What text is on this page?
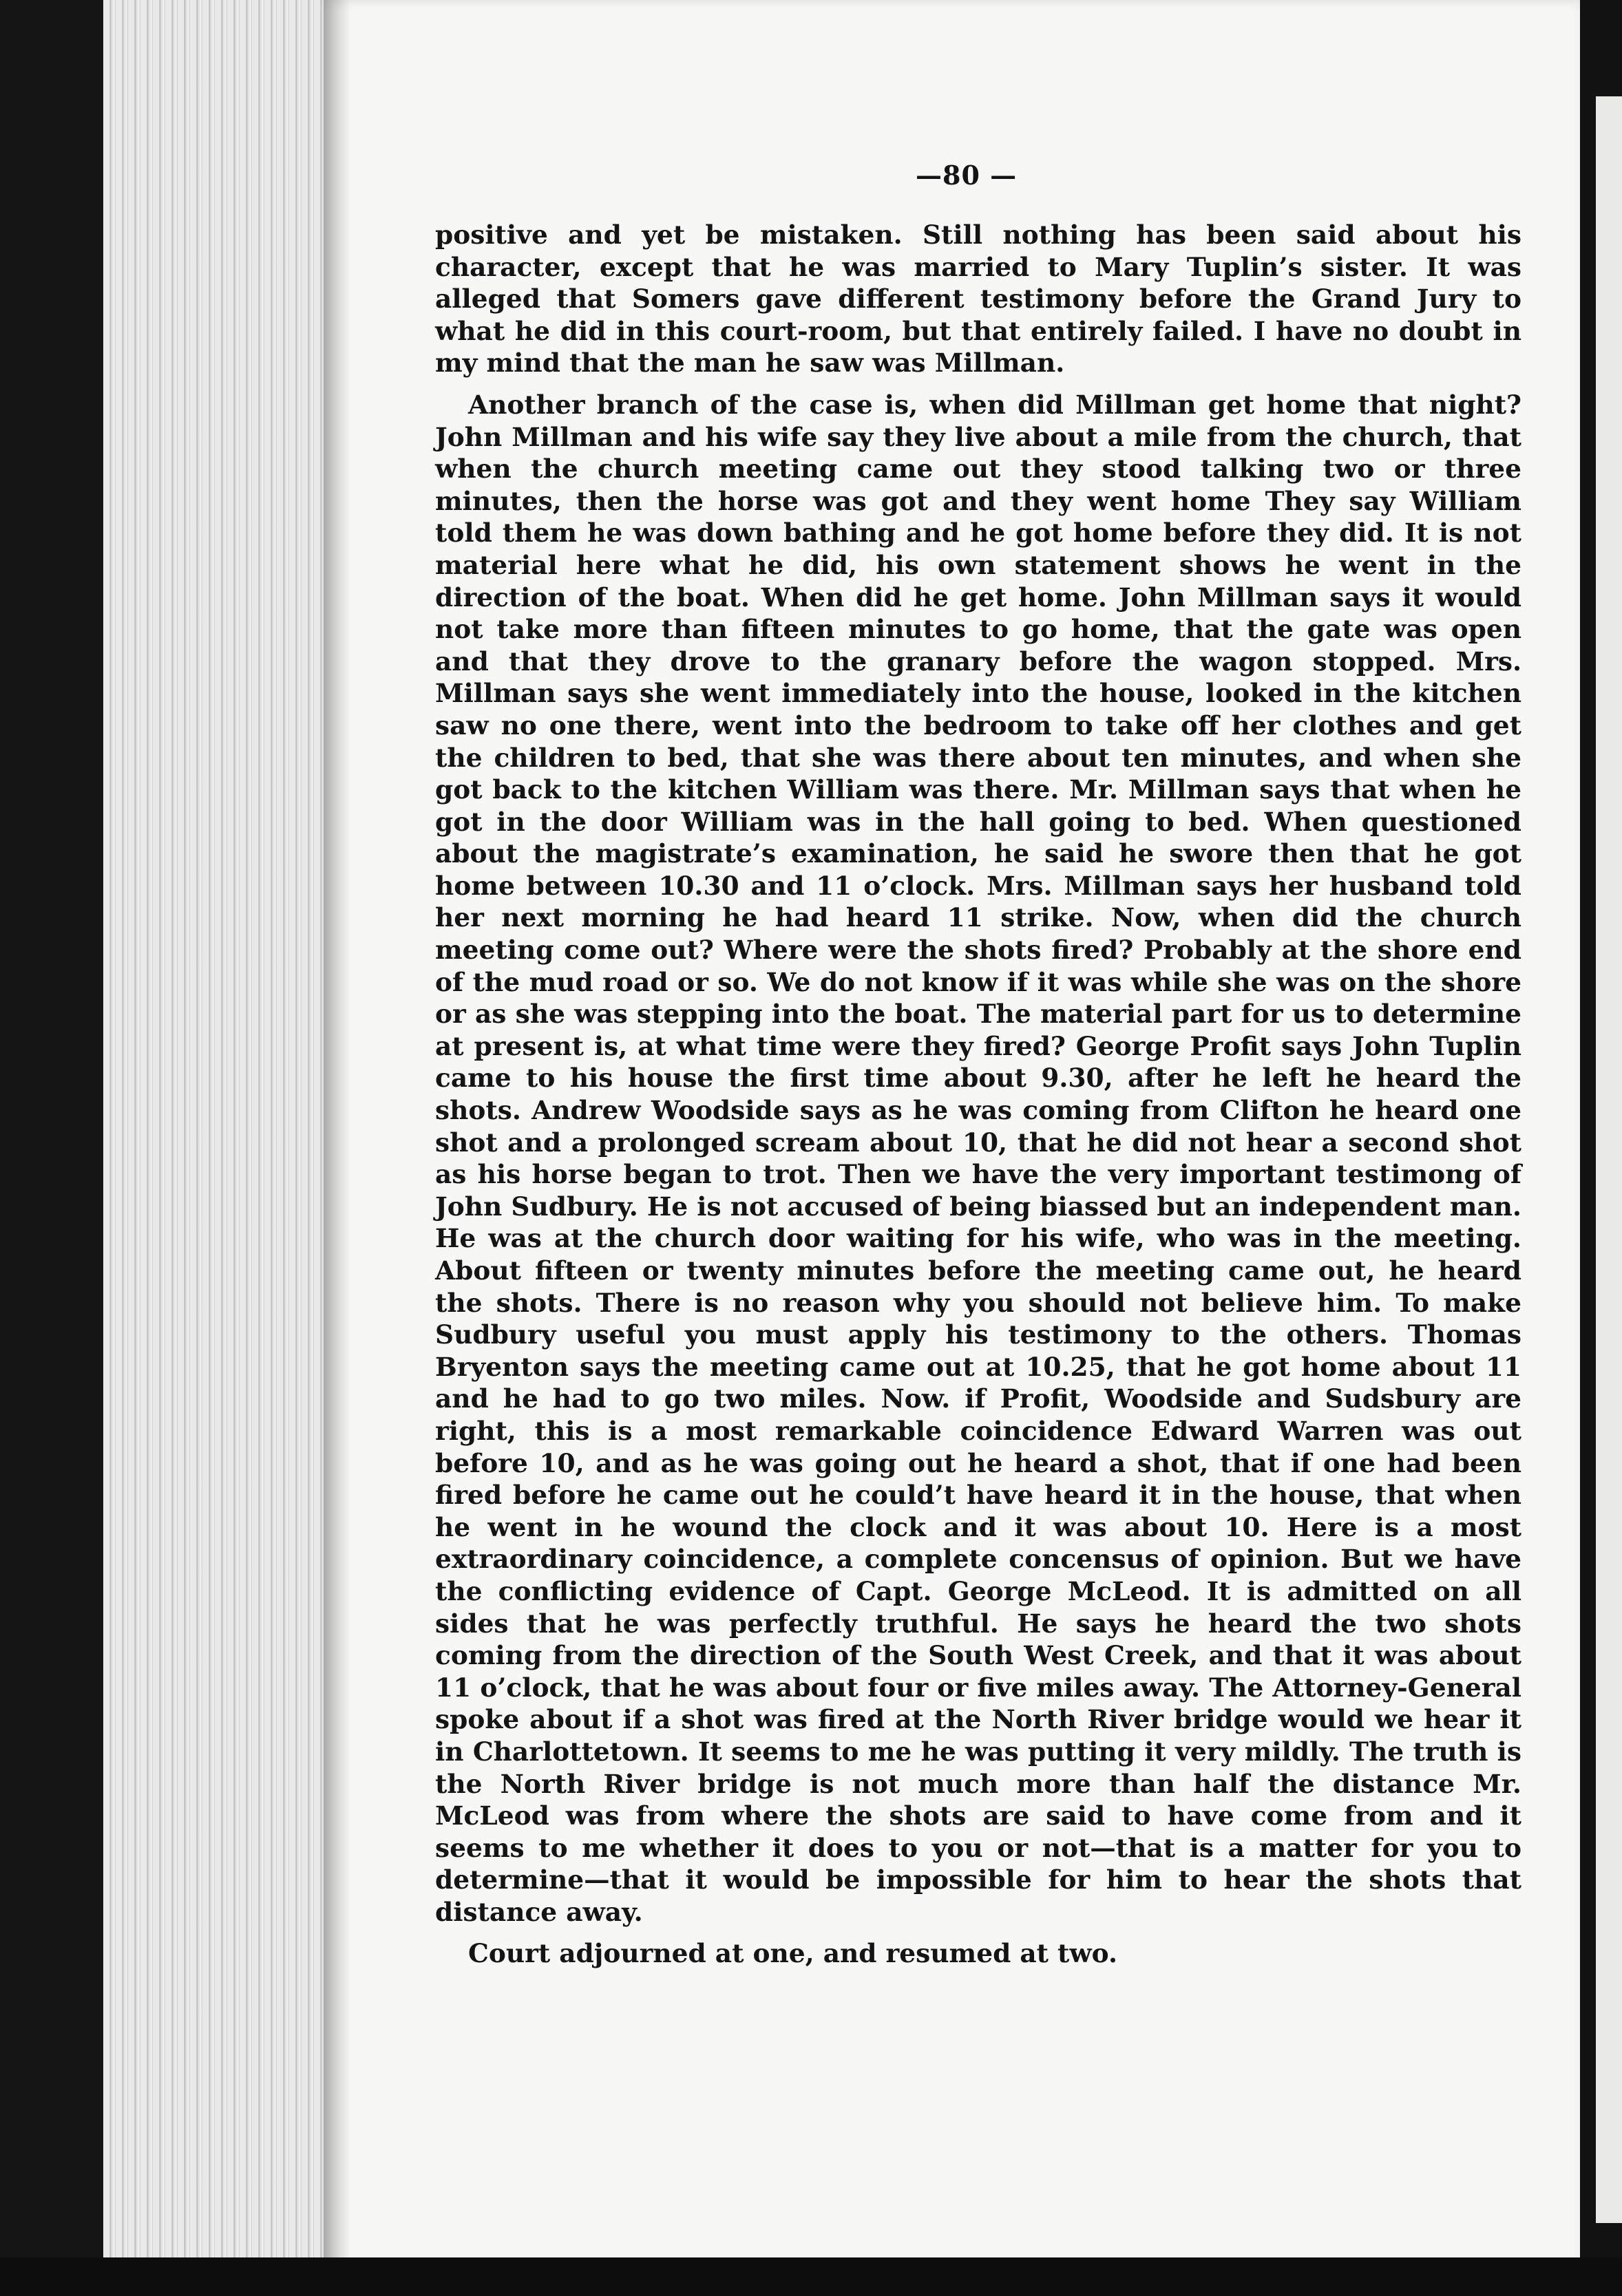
—80 —

positive and yet be mistaken. Still nothing has been said about his character, except that he was married to Mary Tuplin’s sister. It was alleged that Somers gave different testimony before the Grand Jury to what he did in this court-room, but that entirely failed. I have no doubt in my mind that the man he saw was Millman.

Another branch of the case is, when did Millman get home that night? John Millman and his wife say they live about a mile from the church, that when the church meeting came out they stood talking two or three minutes, then the horse was got and they went home They say William told them he was down bathing and he got home before they did. It is not material here what he did, his own statement shows he went in the direction of the boat. When did he get home. John Millman says it would not take more than fifteen minutes to go home, that the gate was open and that they drove to the granary before the wagon stopped. Mrs. Millman says she went immediately into the house, looked in the kitchen saw no one there, went into the bedroom to take off her clothes and get the children to bed, that she was there about ten minutes, and when she got back to the kitchen William was there. Mr. Millman says that when he got in the door William was in the hall going to bed. When questioned about the magistrate’s examination, he said he swore then that he got home between 10.30 and 11 o’clock. Mrs. Millman says her husband told her next morning he had heard 11 strike. Now, when did the church meeting come out? Where were the shots fired? Probably at the shore end of the mud road or so. We do not know if it was while she was on the shore or as she was stepping into the boat. The material part for us to determine at present is, at what time were they fired? George Profit says John Tuplin came to his house the first time about 9.30, after he left he heard the shots. Andrew Woodside says as he was coming from Clifton he heard one shot and a prolonged scream about 10, that he did not hear a second shot as his horse began to trot. Then we have the very important testimong of John Sudbury. He is not accused of being biassed but an independent man. He was at the church door waiting for his wife, who was in the meeting. About fifteen or twenty minutes before the meeting came out, he heard the shots. There is no reason why you should not believe him. To make Sudbury useful you must apply his testimony to the others. Thomas Bryenton says the meeting came out at 10.25, that he got home about 11 and he had to go two miles. Now. if Profit, Woodside and Sudsbury are right, this is a most remarkable coincidence Edward Warren was out before 10, and as he was going out he heard a shot, that if one had been fired before he came out he could’t have heard it in the house, that when he went in he wound the clock and it was about 10. Here is a most extraordinary coincidence, a complete concensus of opinion. But we have the conflicting evidence of Capt. George McLeod. It is admitted on all sides that he was perfectly truthful. He says he heard the two shots coming from the direction of the South West Creek, and that it was about 11 o’clock, that he was about four or five miles away. The Attorney-General spoke about if a shot was fired at the North River bridge would we hear it in Charlottetown. It seems to me he was putting it very mildly. The truth is the North River bridge is not much more than half the distance Mr. McLeod was from where the shots are said to have come from and it seems to me whether it does to you or not—that is a matter for you to determine—that it would be impossible for him to hear the shots that distance away.

Court adjourned at one, and resumed at two.
